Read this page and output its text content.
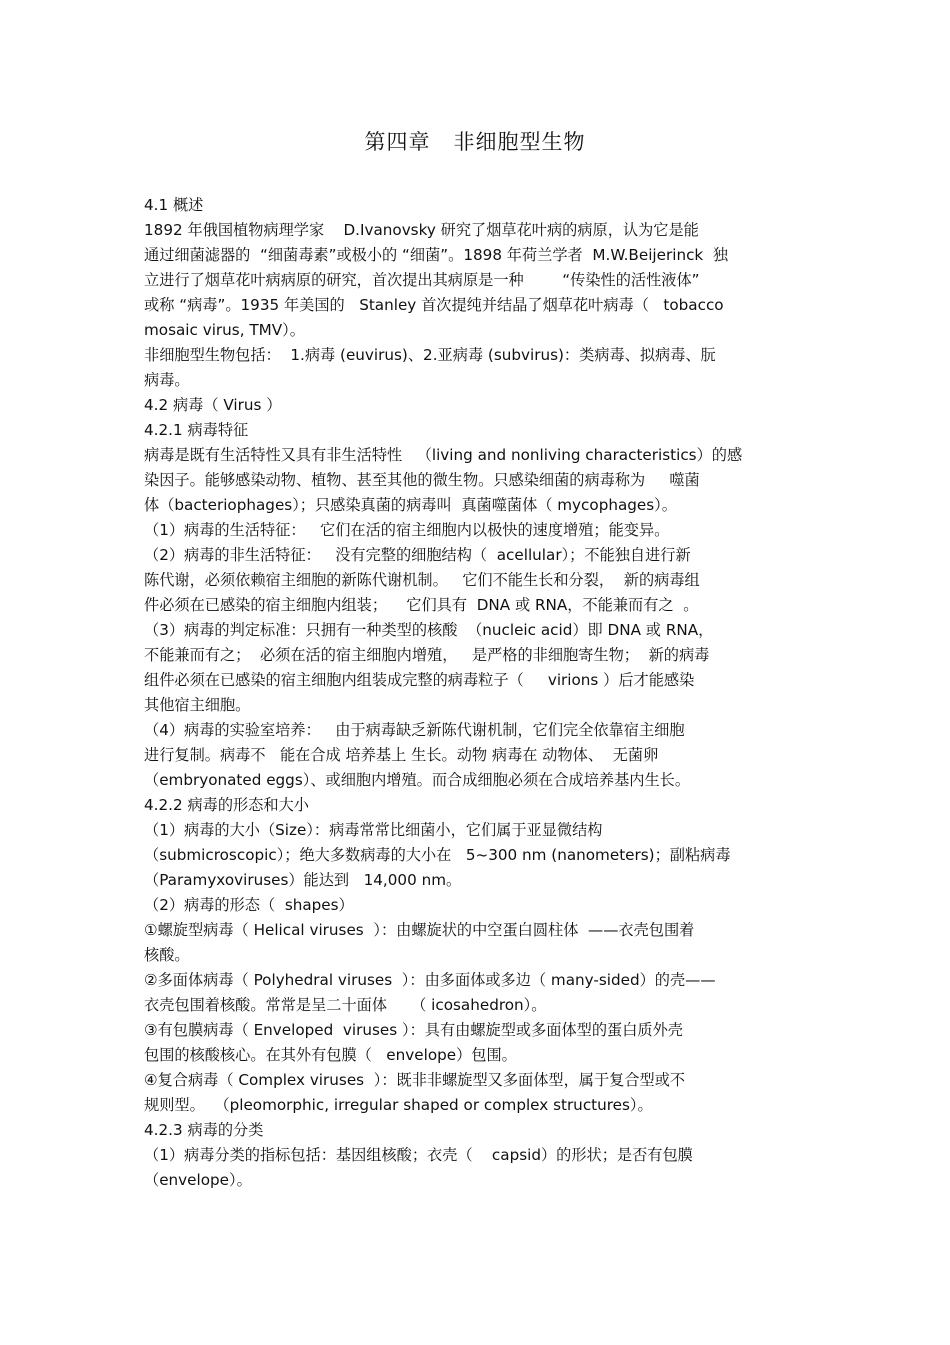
第四章   非细胞型生物
4.1 概述
1892 年俄国植物病理学家    D.Ivanovsky 研究了烟草花叶病的病原，认为它是能
通过细菌滤器的  “细菌毒素”或极小的 “细菌”。1898 年荷兰学者  M.W.Beijerinck  独
立进行了烟草花叶病病原的研究，首次提出其病原是一种        “传染性的活性液体”
或称 “病毒”。1935 年美国的   Stanley 首次提纯并结晶了烟草花叶病毒（   tobacco
mosaic virus, TMV）。
非细胞型生物包括：  1.病毒 (euvirus)、2.亚病毒 (subvirus)：类病毒、拟病毒、朊
病毒。
4.2 病毒（ Virus ）
4.2.1 病毒特征
病毒是既有生活特性又具有非生活特性   （living and nonliving characteristics）的感
染因子。能够感染动物、植物、甚至其他的微生物。只感染细菌的病毒称为     噬菌
体（bacteriophages）；只感染真菌的病毒叫  真菌噬菌体（ mycophages）。
（1）病毒的生活特征：   它们在活的宿主细胞内以极快的速度增殖；能变异。
（2）病毒的非生活特征：   没有完整的细胞结构（  acellular）；不能独自进行新
陈代谢，必须依赖宿主细胞的新陈代谢机制。   它们不能生长和分裂，  新的病毒组
件必须在已感染的宿主细胞内组装；    它们具有  DNA 或 RNA，不能兼而有之  。
（3）病毒的判定标准：只拥有一种类型的核酸  （nucleic acid）即 DNA 或 RNA，
不能兼而有之；  必须在活的宿主细胞内增殖，   是严格的非细胞寄生物；  新的病毒
组件必须在已感染的宿主细胞内组装成完整的病毒粒子（     virions ）后才能感染
其他宿主细胞。
（4）病毒的实验室培养：   由于病毒缺乏新陈代谢机制，它们完全依靠宿主细胞
进行复制。病毒不   能在合成 培养基上 生长。动物 病毒在 动物体、  无菌卵
（embryonated eggs）、或细胞内增殖。而合成细胞必须在合成培养基内生长。
4.2.2 病毒的形态和大小
（1）病毒的大小（Size）：病毒常常比细菌小，它们属于亚显微结构
（submicroscopic）；绝大多数病毒的大小在   5~300 nm (nanometers)；副粘病毒
（Paramyxoviruses）能达到   14,000 nm。
（2）病毒的形态（  shapes）
①螺旋型病毒（ Helical viruses  ）：由螺旋状的中空蛋白圆柱体  ——衣壳包围着
核酸。
②多面体病毒（ Polyhedral viruses  ）：由多面体或多边（ many-sided）的壳——
衣壳包围着核酸。常常是呈二十面体     （ icosahedron）。
③有包膜病毒（ Enveloped  viruses ）：具有由螺旋型或多面体型的蛋白质外壳
包围的核酸核心。在其外有包膜（   envelope）包围。
④复合病毒（ Complex viruses  ）：既非非螺旋型又多面体型，属于复合型或不
规则型。  （pleomorphic, irregular shaped or complex structures）。
4.2.3 病毒的分类
（1）病毒分类的指标包括：基因组核酸；衣壳（    capsid）的形状；是否有包膜
（envelope）。
